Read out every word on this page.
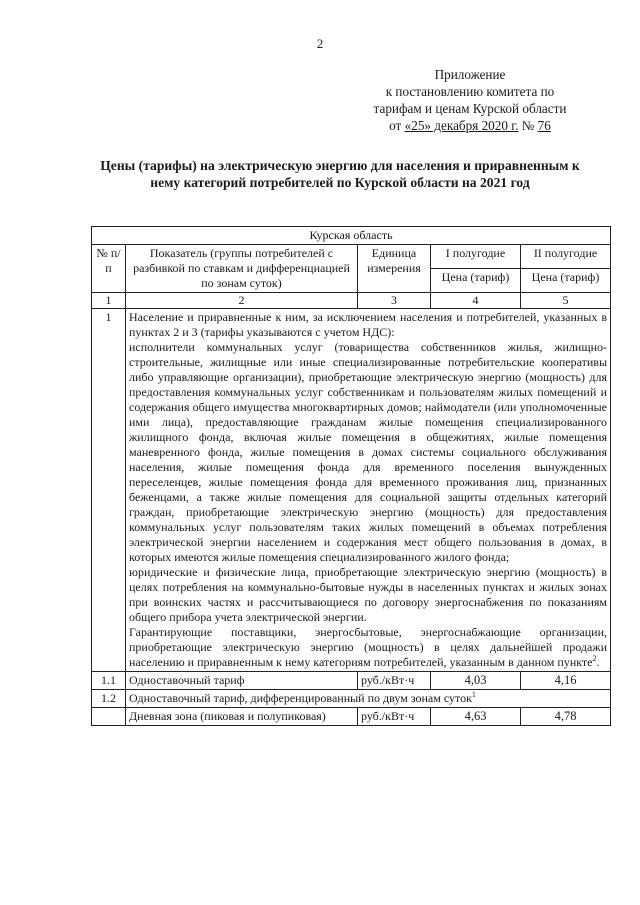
2
Приложение
к постановлению комитета по
тарифам и ценам Курской области
от «25» декабря 2020 г. № 76
Цены (тарифы) на электрическую энергию для населения и приравненным к нему категорий потребителей по Курской области на 2021 год
Курская область				
№ п/п	Показатель (группы потребителей с разбивкой по ставкам и дифференциацией по зонам суток)	Единица измерения	I полугодие	II полугодие
			Цена (тариф)	Цена (тариф)
1	2	3	4	5
1	Население и приравненные к ним, за исключением населения и потребителей, указанных в пунктах 2 и 3 (тарифы указываются с учетом НДС):

исполнители коммунальных услуг (товарищества собственников жилья, жилищно-строительные, жилищные или иные специализированные потребительские кооперативы либо управляющие организации), приобретающие электрическую энергию (мощность) для предоставления коммунальных услуг собственникам и пользователям жилых помещений и содержания общего имущества многоквартирных домов; наймодатели (или уполномоченные ими лица), предоставляющие гражданам жилые помещения специализированного жилищного фонда, включая жилые помещения в общежитиях, жилые помещения маневренного фонда, жилые помещения в домах системы социального обслуживания населения, жилые помещения фонда для временного поселения вынужденных переселенцев, жилые помещения фонда для временного проживания лиц, признанных беженцами, а также жилые помещения для социальной защиты отдельных категорий граждан, приобретающие электрическую энергию (мощность) для предоставления коммунальных услуг пользователям таких жилых помещений в объемах потребления электрической энергии населением и содержания мест общего пользования в домах, в которых имеются жилые помещения специализированного жилого фонда;

юридические и физические лица, приобретающие электрическую энергию (мощность) в целях потребления на коммунально-бытовые нужды в населенных пунктах и жилых зонах при воинских частях и рассчитывающиеся по договору энергоснабжения по показаниям общего прибора учета электрической энергии.

Гарантирующие поставщики, энергосбытовые, энергоснабжающие организации, приобретающие электрическую энергию (мощность) в целях дальнейшей продажи населению и приравненным к нему категориям потребителей, указанным в данном пункте$^2$.			

1.1	Одноставочный тариф	руб./кВт·ч	4,03	4,16
1.2	Одноставочный тариф, дифференцированный по двум зонам суток$^1$
	Дневная зона (пиковая и полупиковая)	руб./кВт·ч	4,63	4,78
